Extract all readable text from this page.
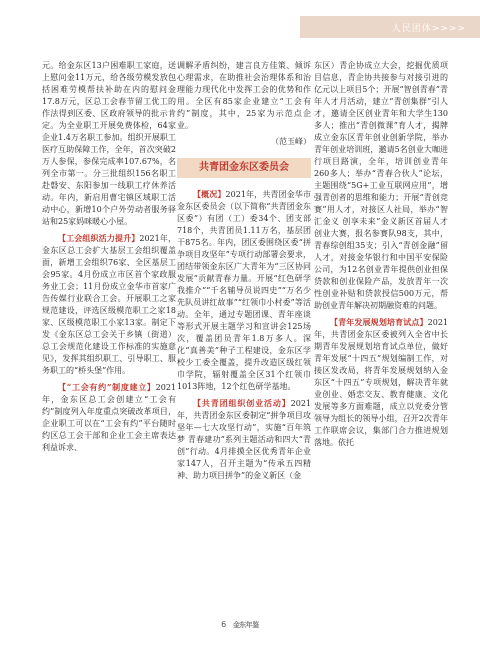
人民团体>>>>

元。给金东区13户困难职工家庭，送上慰问金11万元，给各级劳模发放包括困难劳模帮扶补助在内的慰问金17.8万元，区总工会春节留工优工的作法得到区委、区政府领导的批示肯定。为全业职工开展免费体检，64家企业1.4万名职工参加。组织开展职工医疗互助保障工作，全年，首次突破2万人参保，参保完成率107.67%，名列全市第一。分三批组织156名职工赴磐安、东阳参加一线职工疗休养活动。年内，新启用曹宅镇区域职工活动中心，新增10个户外劳动者服务驿站和25家妈咪暖心小屋。

【工会组织活力提升】2021年，金东区总工会扩大基层工会组织覆盖面，新增工会组织76家、全区基层工会95家。4月份成立市区首个家政服务业工会；11月份成立金华市首家广告传媒行业联合工会。开展职工之家规范建设，评选区级模范职工之家18家、区级模范职工小家13家。制定下发《金东区总工会关于乡镇（街道）总工会规范化建设工作标准的实施意见》，发挥其组织职工、引导职工、服务职工的“桥头堡”作用。

【“工会有约”制度建立】2021年，金东区总工会创建立“工会有约”制度列入年度重点突破改革项目，企业职工可以在“工会有约”平台随时约区总工会干部和企业工会主席表达利益诉求、

调解矛盾纠纷，建言良方佳策、倾诉心理需求，在助推社会治理体系和治理能力现代化中发挥工会的优势和作用。全区有85家企业建立“工会有约”制度，其中，25家为示范点企业。

（范玉峰）

共青团金东区委员会

【概况】2021年，共青团金华市金东区委员会（以下简称“共青团金东区委”）有团（工）委34个、团支部718个，共青团员1.11万名，基层团干875名。年内，团区委围绕区委“拼争项目攻坚年”专项行动部署会要求，团结带领金东区广大青年为“三区协同发展”贡献青春力量。开展“红色研学我推介”“千名辅导员说四史”“万名少先队员讲红故事”“红领巾小村委”等活动。全年，通过专题团课、青年座谈等形式开展主题学习和宣讲会125场次，覆盖团员青年1.8万多人。深化“真善美”种子工程建设，金东区学校少工委全覆盖，提升改造区级红领巾学院，辐射覆盖全区31个红领巾1013阵地，12个红色研学基地。

【共青团组织创业活动】2021年，共青团金东区委制定“拼争项目攻坚年—七大攻坚行动”，实施“百年筑梦 青春建功”系列主题活动和四大“青创”行动。4月排摸全区优秀青年企业家147人，召开主题为“传承五四精神、助力项目拼争”的金义新区（金

东区）青企协成立大会，挖掘优质项目信息，青企协共接参与对接引进的亿元以上项目5个；开展“智创青春”青年人才月活动，建立“青创集群”引人才，邀请全区创业青年和大学生130多人；推出“青创微课”育人才，揭牌成立金东区青年创业创新学院，举办青年创业培训班，邀请5名创业大咖进行项目路演，全年，培训创业青年260多人；举办“青春合伙人”论坛，主题围绕“5G+工业互联网应用”，增强青创者的思维和能力；开展“青创竞赛”用人才，对接区人社局，举办“智汇金义 创享未来”金义新区首届人才创业大赛，报名参赛队98支，其中，青春综创组35支；引入“青创金融”留人才，对接金华银行和中国平安保险公司，为12名创业青年提供创业担保贷款和创业保险产品，发放青年一次性创业补贴和贷款授信500万元，帮助创业青年解决初期融资难的问题。

【青年发展规划培育试点】2021年，共青团金东区委被列入全省中长期青年发展规划培育试点单位，做好青年发展“十四五”规划编制工作，对接区发改局，将青年发展规划纳入金东区“十四五”专项规划，解决青年就业创业、婚恋交友、教育健康、文化发展等多方面难题，成立以党委分管领导为组长的领导小组，召开2次青年工作联席会议，集部门合力推进规划落地。依托

6 金东年鉴
